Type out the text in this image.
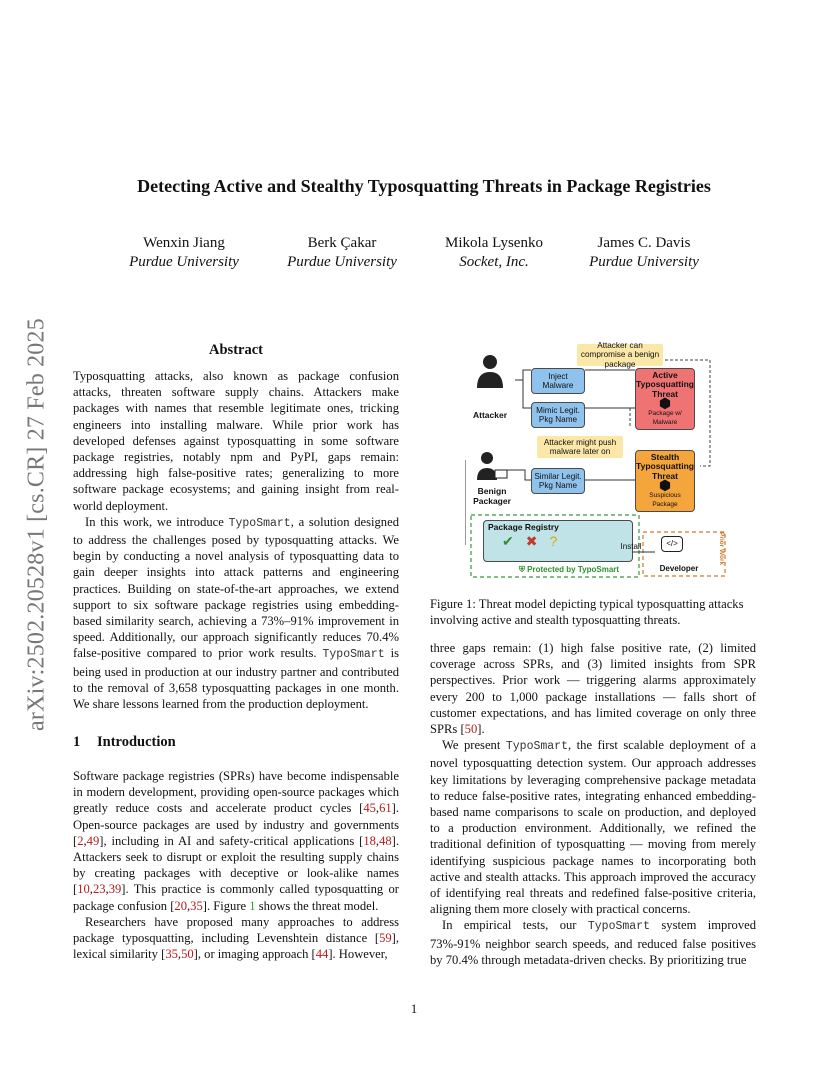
arXiv:2502.20528v1 [cs.CR] 27 Feb 2025
Detecting Active and Stealthy Typosquatting Threats in Package Registries
Wenxin Jiang
Purdue University
Berk Çakar
Purdue University
Mikola Lysenko
Socket, Inc.
James C. Davis
Purdue University
Abstract

Typosquatting attacks, also known as package confusion attacks, threaten software supply chains. Attackers make packages with names that resemble legitimate ones, tricking engineers into installing malware. While prior work has developed defenses against typosquatting in some software package registries, notably npm and PyPI, gaps remain: addressing high false-positive rates; generalizing to more software package ecosystems; and gaining insight from real-world deployment.

In this work, we introduce TypoSmart, a solution designed to address the challenges posed by typosquatting attacks. We begin by conducting a novel analysis of typosquatting data to gain deeper insights into attack patterns and engineering practices. Building on state-of-the-art approaches, we extend support to six software package registries using embedding-based similarity search, achieving a 73%–91% improvement in speed. Additionally, our approach significantly reduces 70.4% false-positive compared to prior work results. TypoSmart is being used in production at our industry partner and contributed to the removal of 3,658 typosquatting packages in one month. We share lessons learned from the production deployment.

1 Introduction

Software package registries (SPRs) have become indispensable in modern development, providing open-source packages which greatly reduce costs and accelerate product cycles [45,61]. Open-source packages are used by industry and governments [2,49], including in AI and safety-critical applications [18,48]. Attackers seek to disrupt or exploit the resulting supply chains by creating packages with deceptive or look-alike names [10,23,39]. This practice is commonly called typosquatting or package confusion [20,35]. Figure 1 shows the threat model.

Researchers have proposed many approaches to address package typosquatting, including Levenshtein distance [59], lexical similarity [35,50], or imaging approach [44]. However,

Attacker can compromise a benign package
Attacker
Inject Malware
Mimic Legit. Pkg Name
Active Typosquatting Threat
⬢
Package w/ Malware
Attacker might push malware later on
Benign Packager
Similar Legit. Pkg Name
Stealth Typosquatting Threat
⬢
Suspicious Package
Package Registry
✔ ✖ ?
⛨ Protected by TypoSmart
Install	</>
Developer
Prior Work
Figure 1: Threat model depicting typical typosquatting attacks involving active and stealth typosquatting threats.

three gaps remain: (1) high false positive rate, (2) limited coverage across SPRs, and (3) limited insights from SPR perspectives. Prior work — triggering alarms approximately every 200 to 1,000 package installations — falls short of customer expectations, and has limited coverage on only three SPRs [50].

We present TypoSmart, the first scalable deployment of a novel typosquatting detection system. Our approach addresses key limitations by leveraging comprehensive package metadata to reduce false-positive rates, integrating enhanced embedding-based name comparisons to scale on production, and deployed to a production environment. Additionally, we refined the traditional definition of typosquatting — moving from merely identifying suspicious package names to incorporating both active and stealth attacks. This approach improved the accuracy of identifying real threats and redefined false-positive criteria, aligning them more closely with practical concerns.

In empirical tests, our TypoSmart system improved 73%-91% neighbor search speeds, and reduced false positives by 70.4% through metadata-driven checks. By prioritizing true

1
